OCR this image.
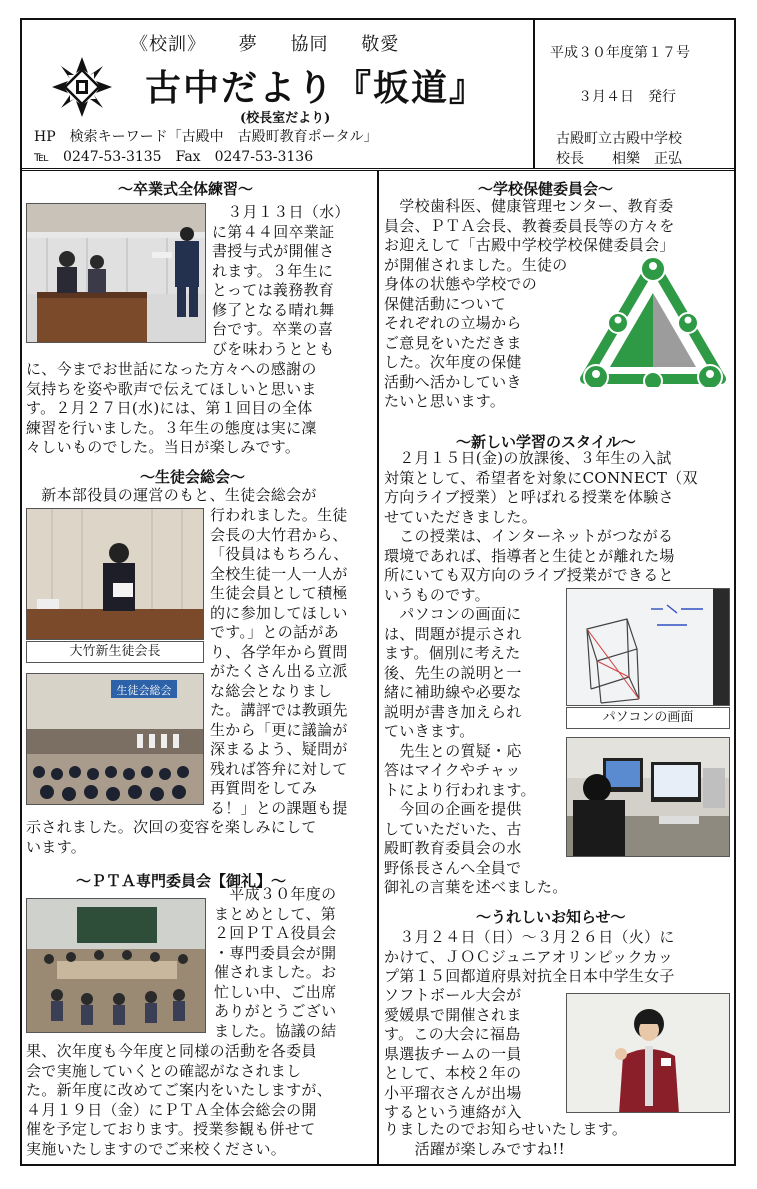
《校訓》 夢 協同 敬愛
古中だより『坂道』
(校長室だより)
HP　検索キーワード「古殿中　古殿町教育ポータル」
℡　0247-53-3135　Fax　0247-53-3136
平成３０年度第１７号
３月４日　発行
古殿町立古殿中学校
校長　　相樂　正弘
～卒業式全体練習～
　３月１３日（水）
に第４４回卒業証
書授与式が開催さ
れます。３年生に
とっては義務教育
修了となる晴れ舞
台です。卒業の喜
びを味わうととも
に、今までお世話になった方々への感謝の
気持ちを姿や歌声で伝えてほしいと思いま
す。２月２７日(水)には、第１回目の全体
練習を行いました。３年生の態度は実に凜
々しいものでした。当日が楽しみです。
～生徒会総会～
　新本部役員の運営のもと、生徒会総会が
大竹新生徒会長
生徒会総会
行われました。生徒
会長の大竹君から、
「役員はもちろん、
全校生徒一人一人が
生徒会員として積極
的に参加してほしい
です。」との話があ
り、各学年から質問
がたくさん出る立派
な総会となりまし
た。講評では教頭先
生から「更に議論が
深まるよう、疑問が
残れば答弁に対して
再質問をしてみ
る！」との課題も提
示されました。次回の変容を楽しみにして
います。
～ＰＴＡ専門委員会【御礼】～
　平成３０年度の
まとめとして、第
２回ＰＴＡ役員会
・専門委員会が開
催されました。お
忙しい中、ご出席
ありがとうござい
ました。協議の結
果、次年度も今年度と同様の活動を各委員
会で実施していくとの確認がなされまし
た。新年度に改めてご案内をいたしますが、
４月１９日（金）にＰＴＡ全体会総会の開
催を予定しております。授業参観も併せて
実施いたしますのでご来校ください。
～学校保健委員会～
　学校歯科医、健康管理センター、教育委
員会、ＰＴＡ会長、教養委員長等の方々を
お迎えして「古殿中学校学校保健委員会」
が開催されました。生徒の
身体の状態や学校での
保健活動について
それぞれの立場から
ご意見をいただきま
した。次年度の保健
活動へ活かしていき
たいと思います。
～新しい学習のスタイル～
　２月１５日(金)の放課後、３年生の入試
対策として、希望者を対象にCONNECT（双
方向ライブ授業）と呼ばれる授業を体験さ
せていただきました。
　この授業は、インターネットがつながる
環境であれば、指導者と生徒とが離れた場
所にいても双方向のライブ授業ができると
いうものです。
パソコンの画面
　パソコンの画面に
は、問題が提示され
ます。個別に考えた
後、先生の説明と一
緒に補助線や必要な
説明が書き加えられ
ていきます。
　先生との質疑・応
答はマイクやチャッ
トにより行われます。
　今回の企画を提供
していただいた、古
殿町教育委員会の水
野係長さんへ全員で
御礼の言葉を述べました。
～うれしいお知らせ～
　３月２４日（日）～３月２６日（火）に
かけて、ＪＯＣジュニアオリンピックカッ
プ第１５回都道府県対抗全日本中学生女子
ソフトボール大会が
愛媛県で開催されま
す。この大会に福島
県選抜チームの一員
として、本校２年の
小平瑠衣さんが出場
するという連絡が入
りましたのでお知らせいたします。
　　活躍が楽しみですね!!
